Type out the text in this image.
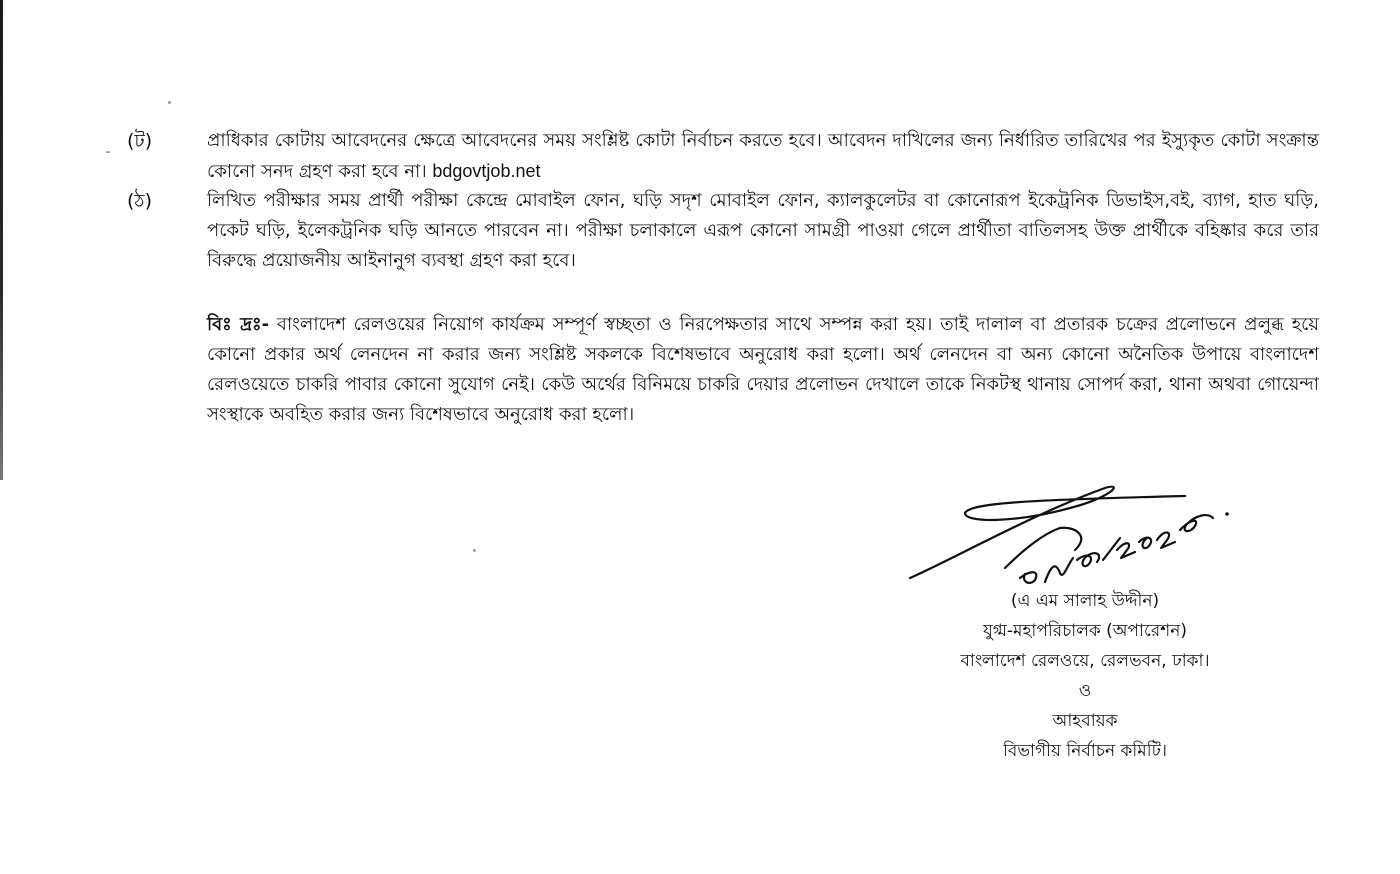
(ট)	প্রাধিকার কোটায় আবেদনের ক্ষেত্রে আবেদনের সময় সংশ্লিষ্ট কোটা নির্বাচন করতে হবে। আবেদন দাখিলের জন্য নির্ধারিত তারিখের পর ইস্যুকৃত কোটা সংক্রান্ত কোনো সনদ গ্রহণ করা হবে না। bdgovtjob.net
(ঠ)	লিখিত পরীক্ষার সময় প্রার্থী পরীক্ষা কেন্দ্রে মোবাইল ফোন, ঘড়ি সদৃশ মোবাইল ফোন, ক্যালকুলেটর বা কোনোরূপ ইকেট্রনিক ডিভাইস,বই, ব্যাগ, হাত ঘড়ি, পকেট ঘড়ি, ইলেকট্রনিক ঘড়ি আনতে পারবেন না। পরীক্ষা চলাকালে এরূপ কোনো সামগ্রী পাওয়া গেলে প্রার্থীতা বাতিলসহ উক্ত প্রার্থীকে বহিষ্কার করে তার বিরুদ্ধে প্রয়োজনীয় আইনানুগ ব্যবস্থা গ্রহণ করা হবে।
বিঃ দ্রঃ- বাংলাদেশ রেলওয়ের নিয়োগ কার্যক্রম সম্পূর্ণ স্বচ্ছতা ও নিরপেক্ষতার সাথে সম্পন্ন করা হয়। তাই দালাল বা প্রতারক চক্রের প্রলোভনে প্রলুব্ধ হয়ে কোনো প্রকার অর্থ লেনদেন না করার জন্য সংশ্লিষ্ট সকলকে বিশেষভাবে অনুরোধ করা হলো। অর্থ লেনদেন বা অন্য কোনো অনৈতিক উপায়ে বাংলাদেশ রেলওয়েতে চাকরি পাবার কোনো সুযোগ নেই। কেউ অর্থের বিনিময়ে চাকরি দেয়ার প্রলোভন দেখালে তাকে নিকটস্থ থানায় সোপর্দ করা, থানা অথবা গোয়েন্দা সংস্থাকে অবহিত করার জন্য বিশেষভাবে অনুরোধ করা হলো।
(এ এম সালাহ উদ্দীন)
যুগ্ম-মহাপরিচালক (অপারেশন)
বাংলাদেশ রেলওয়ে, রেলভবন, ঢাকা।
ও
আহবায়ক
বিভাগীয় নির্বাচন কমিটি।
